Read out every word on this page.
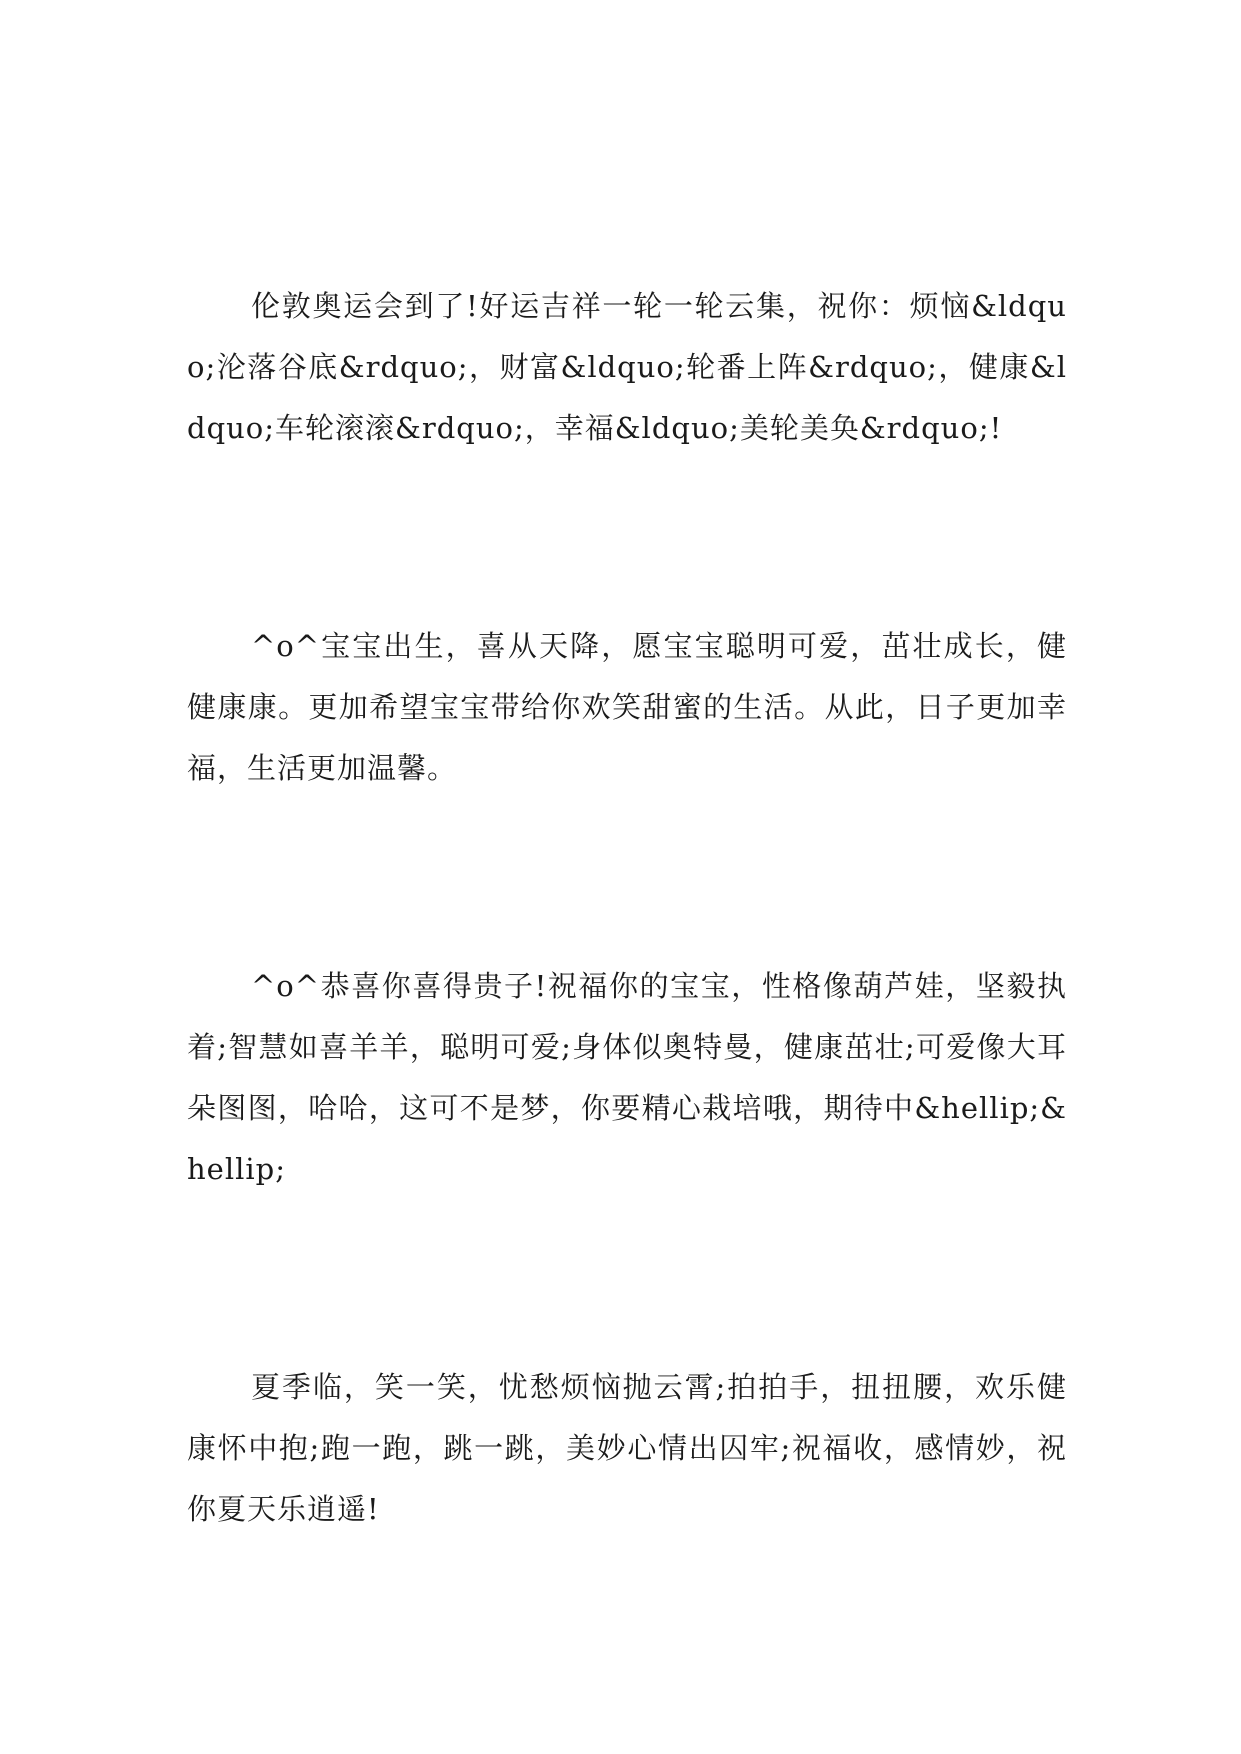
伦敦奥运会到了!好运吉祥一轮一轮云集，祝你：烦恼&ldquo;沦落谷底&rdquo;，财富&ldquo;轮番上阵&rdquo;，健康&ldquo;车轮滚滚&rdquo;，幸福&ldquo;美轮美奂&rdquo;!

^o^宝宝出生，喜从天降，愿宝宝聪明可爱，茁壮成长，健健康康。更加希望宝宝带给你欢笑甜蜜的生活。从此，日子更加幸福，生活更加温馨。

^o^恭喜你喜得贵子!祝福你的宝宝，性格像葫芦娃，坚毅执着;智慧如喜羊羊，聪明可爱;身体似奥特曼，健康茁壮;可爱像大耳朵图图，哈哈，这可不是梦，你要精心栽培哦，期待中&hellip;&hellip;

夏季临，笑一笑，忧愁烦恼抛云霄;拍拍手，扭扭腰，欢乐健康怀中抱;跑一跑，跳一跳，美妙心情出囚牢;祝福收，感情妙，祝你夏天乐逍遥!
